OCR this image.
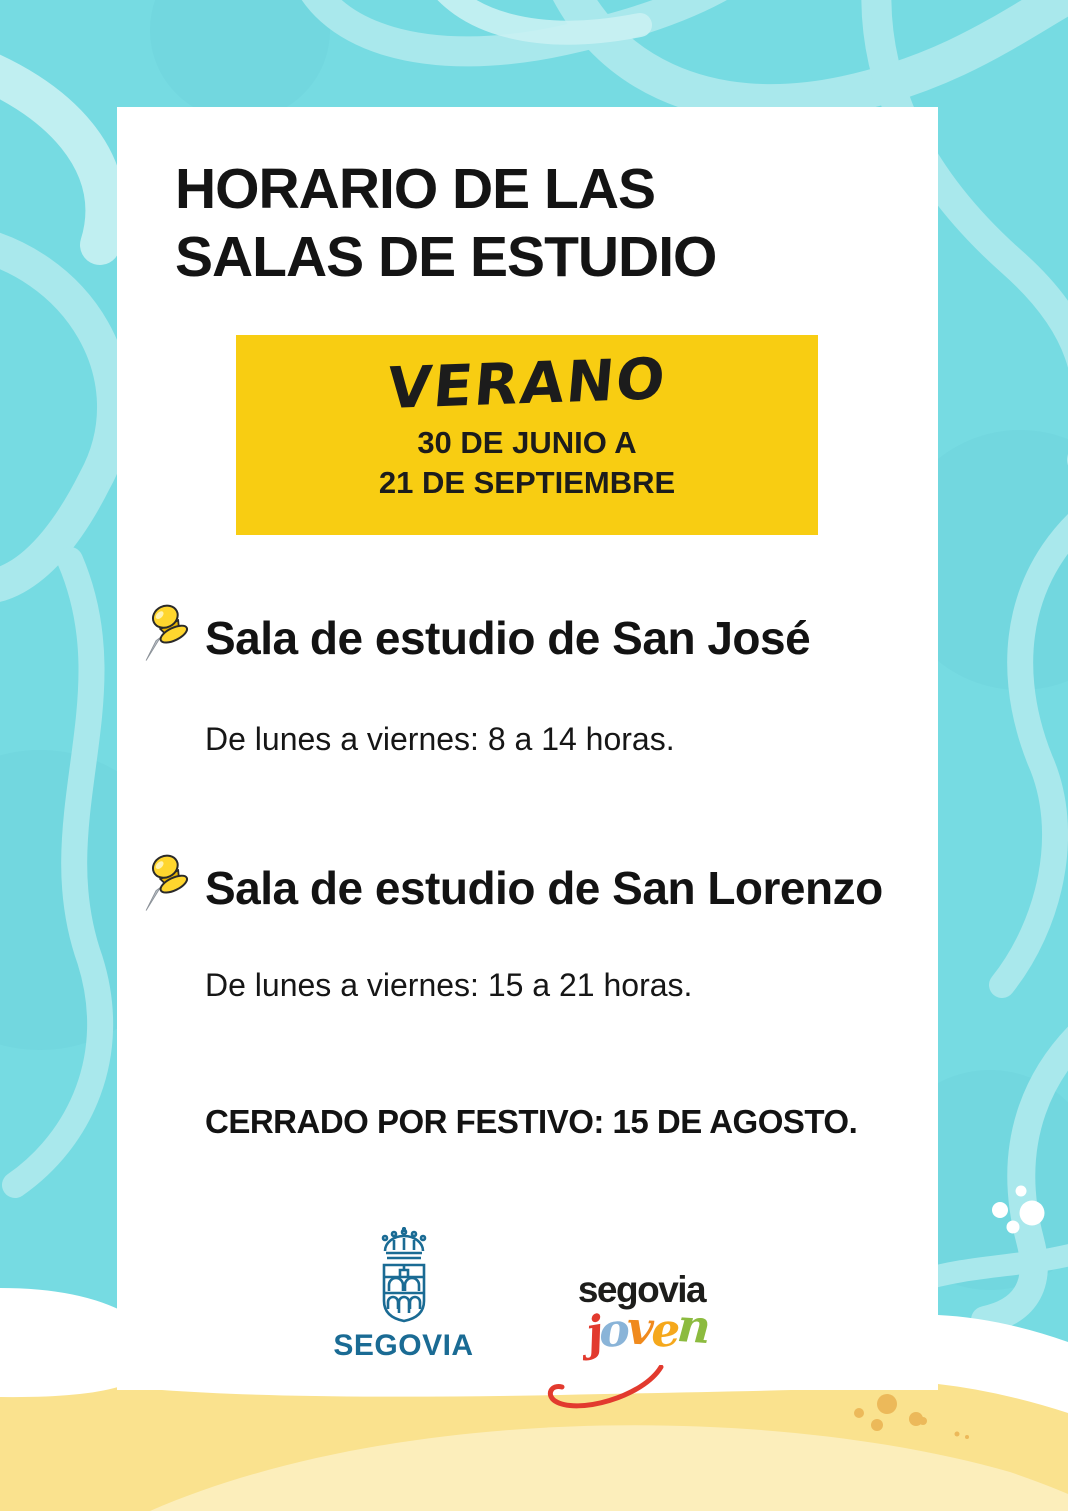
HORARIO DE LAS
SALAS DE ESTUDIO
VERANO
30 DE JUNIO A
21 DE SEPTIEMBRE
Sala de estudio de San José
De lunes a viernes: 8 a 14 horas.
Sala de estudio de San Lorenzo
De lunes a viernes: 15 a 21 horas.
CERRADO POR FESTIVO: 15 DE AGOSTO.
SEGOVIA
segovia
joven
